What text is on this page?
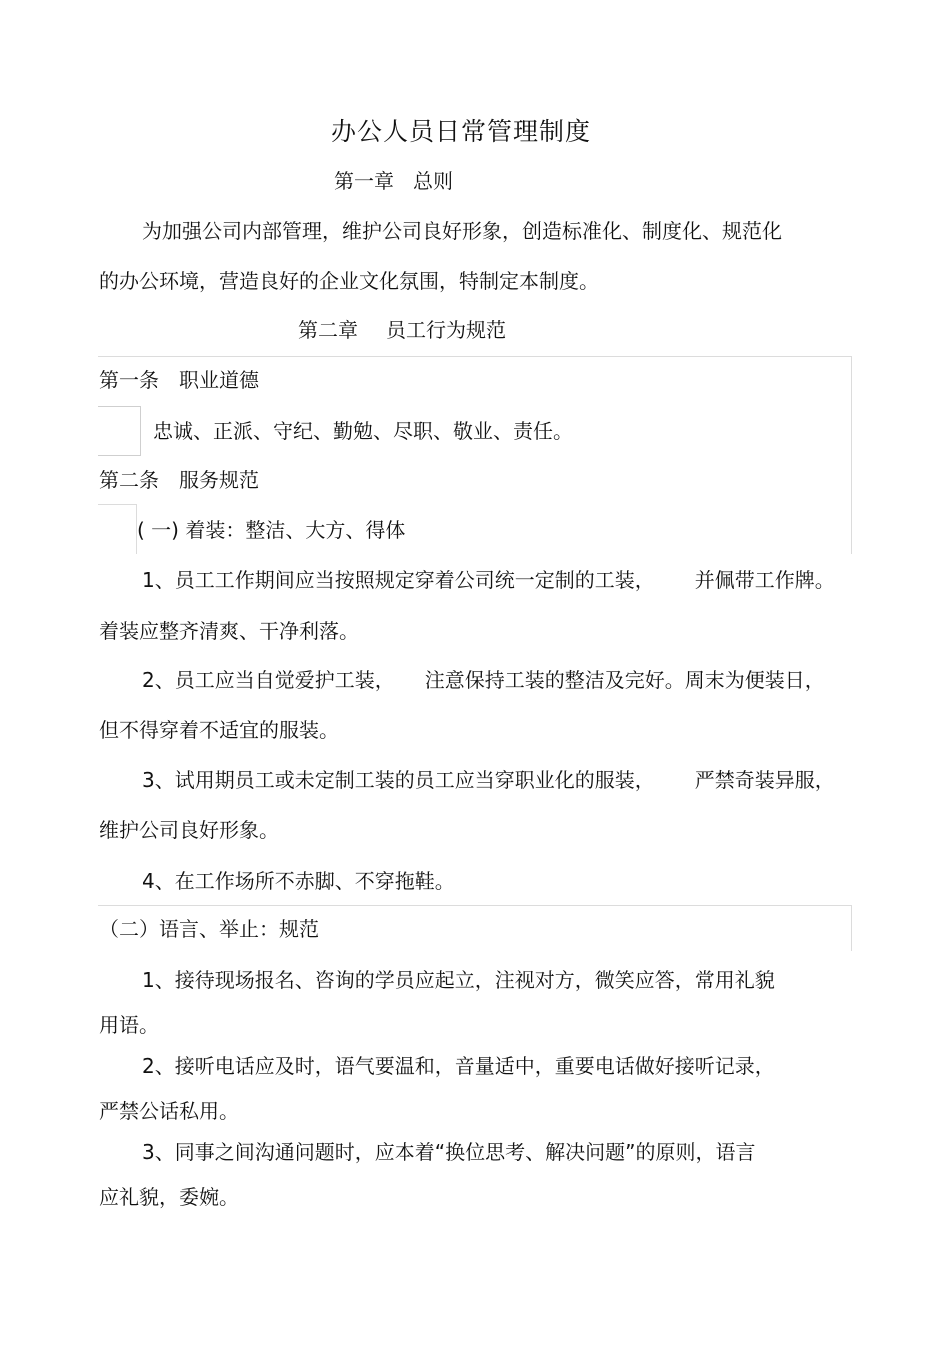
办公人员日常管理制度
第一章 总则
为加强公司内部管理，维护公司良好形象，创造标准化、制度化、规范化
的办公环境，营造良好的企业文化氛围，特制定本制度。
第二章 员工行为规范
第一条 职业道德
忠诚、正派、守纪、勤勉、尽职、敬业、责任。
第二条 服务规范
( 一) 着装：整洁、大方、得体
1、员工工作期间应当按照规定穿着公司统一定制的工装， 并佩带工作牌。
着装应整齐清爽、干净利落。
2、员工应当自觉爱护工装， 注意保持工装的整洁及完好。周末为便装日，
但不得穿着不适宜的服装。
3、试用期员工或未定制工装的员工应当穿职业化的服装， 严禁奇装异服，
维护公司良好形象。
4、在工作场所不赤脚、不穿拖鞋。
（二）语言、举止：规范
1、接待现场报名、咨询的学员应起立，注视对方，微笑应答，常用礼貌
用语。
2、接听电话应及时，语气要温和，音量适中，重要电话做好接听记录，
严禁公话私用。
3、同事之间沟通问题时，应本着“换位思考、解决问题”的原则，语言
应礼貌，委婉。
